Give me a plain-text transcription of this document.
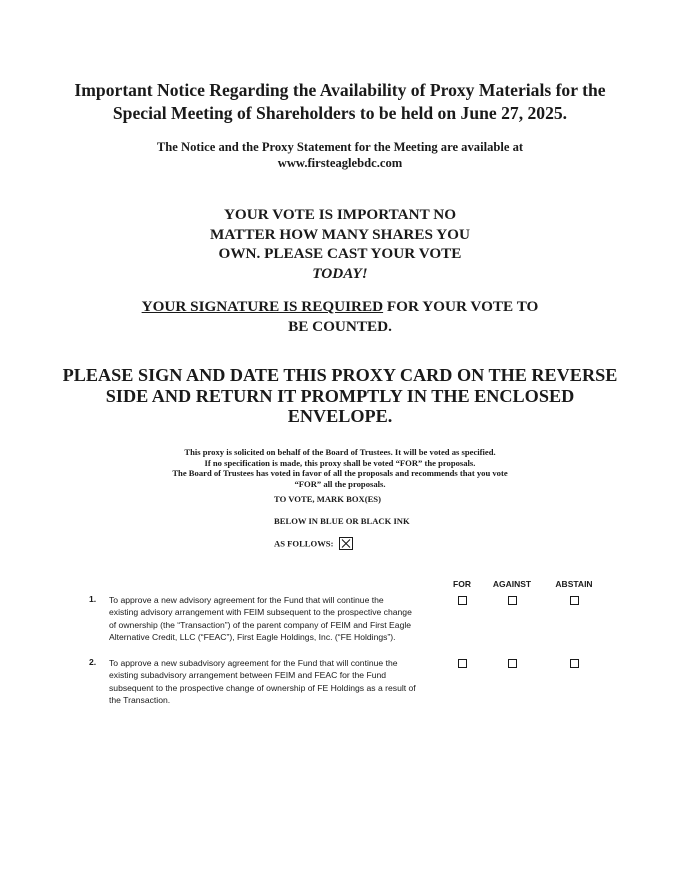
Important Notice Regarding the Availability of Proxy Materials for the
Special Meeting of Shareholders to be held on June 27, 2025.
The Notice and the Proxy Statement for the Meeting are available at
www.firsteaglebdc.com
YOUR VOTE IS IMPORTANT NO
MATTER HOW MANY SHARES YOU
OWN. PLEASE CAST YOUR VOTE
TODAY!
YOUR SIGNATURE IS REQUIRED FOR YOUR VOTE TO
BE COUNTED.
PLEASE SIGN AND DATE THIS PROXY CARD ON THE REVERSE
SIDE AND RETURN IT PROMPTLY IN THE ENCLOSED
ENVELOPE.
This proxy is solicited on behalf of the Board of Trustees. It will be voted as specified.
If no specification is made, this proxy shall be voted “FOR” the proposals.
The Board of Trustees has voted in favor of all the proposals and recommends that you vote
“FOR” all the proposals.
TO VOTE, MARK BOX(ES)
BELOW IN BLUE OR BLACK INK
AS FOLLOWS:
FOR	AGAINST	ABSTAIN
1. To approve a new advisory agreement for the Fund that will continue the
existing advisory arrangement with FEIM subsequent to the prospective change
of ownership (the “Transaction”) of the parent company of FEIM and First Eagle
Alternative Credit, LLC (“FEAC”), First Eagle Holdings, Inc. (“FE Holdings”).
2. To approve a new subadvisory agreement for the Fund that will continue the
existing subadvisory arrangement between FEIM and FEAC for the Fund
subsequent to the prospective change of ownership of FE Holdings as a result of
the Transaction.
